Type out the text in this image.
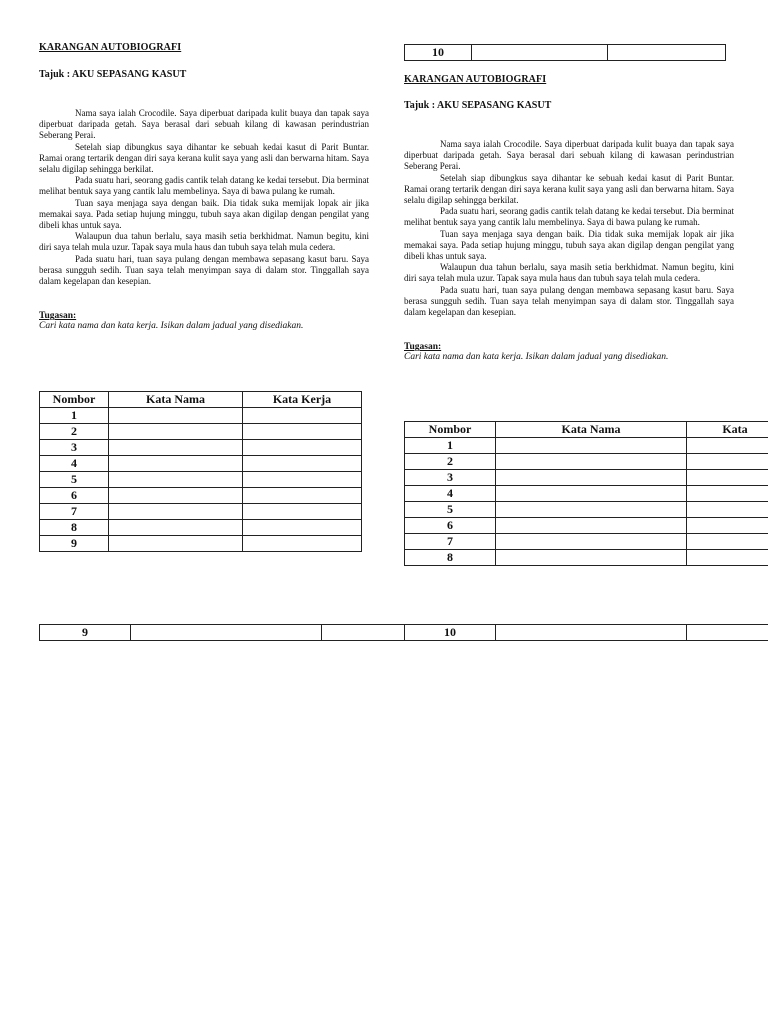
10		

KARANGAN AUTOBIOGRAFI

Tajuk : AKU SEPASANG KASUT

Nama saya ialah Crocodile. Saya diperbuat daripada kulit buaya dan tapak saya diperbuat daripada getah. Saya berasal dari sebuah kilang di kawasan perindustrian Seberang Perai.

Setelah siap dibungkus saya dihantar ke sebuah kedai kasut di Parit Buntar. Ramai orang tertarik dengan diri saya kerana kulit saya yang asli dan berwarna hitam. Saya selalu digilap sehingga berkilat.

Pada suatu hari, seorang gadis cantik telah datang ke kedai tersebut. Dia berminat melihat bentuk saya yang cantik lalu membelinya. Saya di bawa pulang ke rumah.

Tuan saya menjaga saya dengan baik. Dia tidak suka memijak lopak air jika memakai saya. Pada setiap hujung minggu, tubuh saya akan digilap dengan pengilat yang dibeli khas untuk saya.

Walaupun dua tahun berlalu, saya masih setia berkhidmat. Namun begitu, kini diri saya telah mula uzur. Tapak saya mula haus dan tubuh saya telah mula cedera.

Pada suatu hari, tuan saya pulang dengan membawa sepasang kasut baru. Saya berasa sungguh sedih. Tuan saya telah menyimpan saya di dalam stor. Tinggallah saya dalam kegelapan dan kesepian.

Tugasan:

Cari kata nama dan kata kerja. Isikan dalam jadual yang disediakan.

Nombor	Kata Nama	Kata Kerja
1		
2		
3		
4		
5		
6		
7		
8		
9		

KARANGAN AUTOBIOGRAFI

Tajuk : AKU SEPASANG KASUT

Nama saya ialah Crocodile. Saya diperbuat daripada kulit buaya dan tapak saya diperbuat daripada getah. Saya berasal dari sebuah kilang di kawasan perindustrian Seberang Perai.

Setelah siap dibungkus saya dihantar ke sebuah kedai kasut di Parit Buntar. Ramai orang tertarik dengan diri saya kerana kulit saya yang asli dan berwarna hitam. Saya selalu digilap sehingga berkilat.

Pada suatu hari, seorang gadis cantik telah datang ke kedai tersebut. Dia berminat melihat bentuk saya yang cantik lalu membelinya. Saya di bawa pulang ke rumah.

Tuan saya menjaga saya dengan baik. Dia tidak suka memijak lopak air jika memakai saya. Pada setiap hujung minggu, tubuh saya akan digilap dengan pengilat yang dibeli khas untuk saya.

Walaupun dua tahun berlalu, saya masih setia berkhidmat. Namun begitu, kini diri saya telah mula uzur. Tapak saya mula haus dan tubuh saya telah mula cedera.

Pada suatu hari, tuan saya pulang dengan membawa sepasang kasut baru. Saya berasa sungguh sedih. Tuan saya telah menyimpan saya di dalam stor. Tinggallah saya dalam kegelapan dan kesepian.

Tugasan:

Cari kata nama dan kata kerja. Isikan dalam jadual yang disediakan.

Nombor	Kata Nama	Kata
1		
2		
3		
4		
5		
6		
7		
8		
9			10		
